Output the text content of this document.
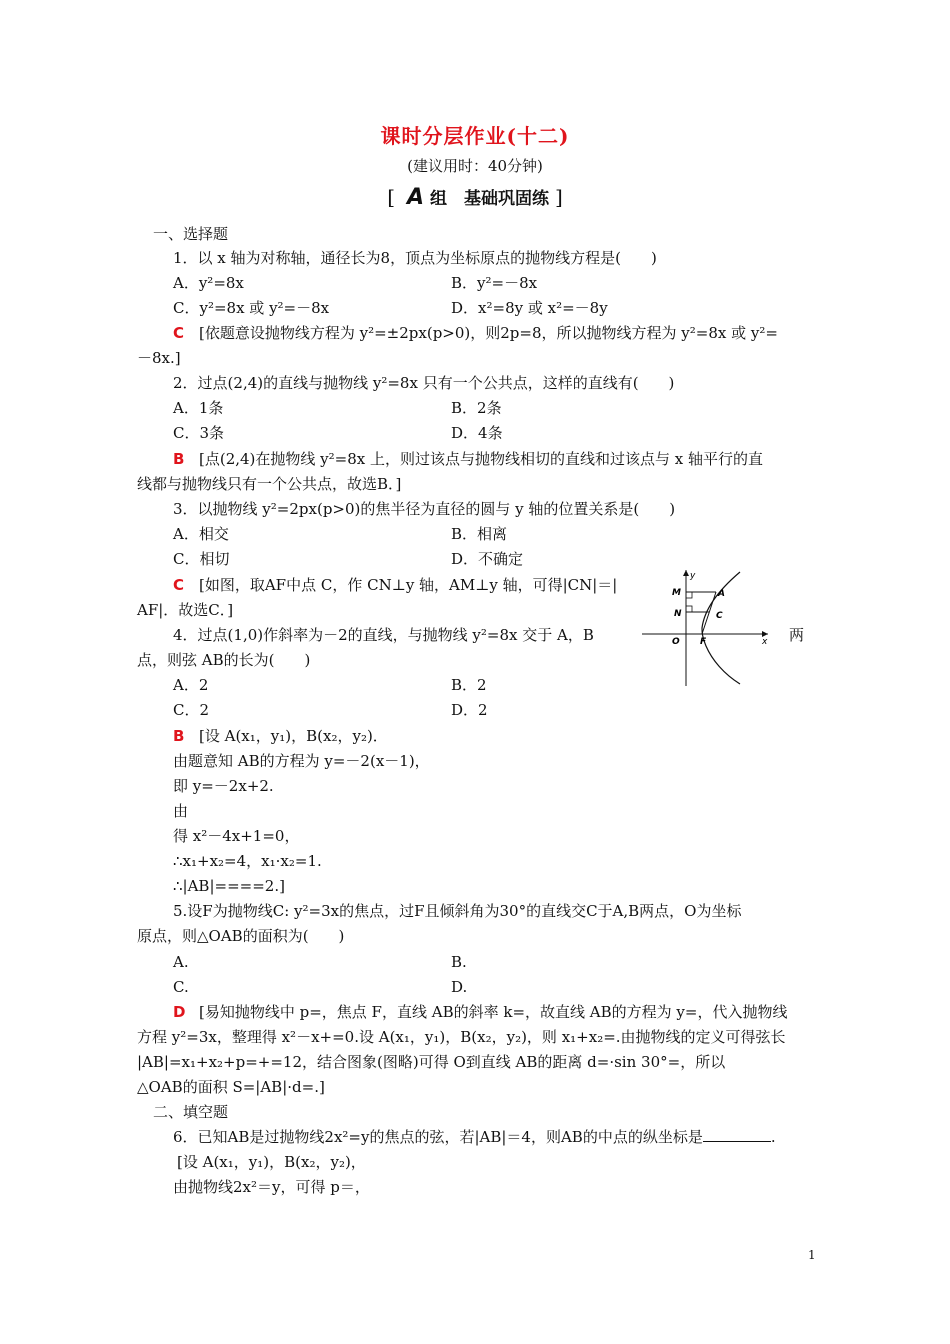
课时分层作业(十二)
(建议用时：40分钟)
[ A 组　基础巩固练 ]
一、选择题
1．以 x 轴为对称轴，通径长为8，顶点为坐标原点的抛物线方程是(　　)
A．y²=8x	B．y²=－8x
C．y²=8x 或 y²=－8x	D．x²=8y 或 x²=－8y
C [依题意设抛物线方程为 y²=±2px(p>0)，则2p=8，所以抛物线方程为 y²=8x 或 y²=
－8x.]
2．过点(2,4)的直线与抛物线 y²=8x 只有一个公共点，这样的直线有(　　)
A．1条	B．2条
C．3条	D．4条
B [点(2,4)在抛物线 y²=8x 上，则过该点与抛物线相切的直线和过该点与 x 轴平行的直
线都与抛物线只有一个公共点，故选B．]
3．以抛物线 y²=2px(p>0)的焦半径为直径的圆与 y 轴的位置关系是(　　)
A．相交	B．相离
C．相切	D．不确定
C [如图，取AF中点 C，作 CN⊥y 轴，AM⊥y 轴，可得|CN|＝|
AF|．故选C．]
y
M	A
N	C
O F	x
4．过点(1,0)作斜率为－2的直线，与抛物线 y²=8x 交于 A，B	两
点，则弦 AB的长为(　　)
A．2	B．2
C．2	D．2
B [设 A(x₁，y₁)，B(x₂，y₂)．
由题意知 AB的方程为 y=－2(x－1)，
即 y=－2x+2.
由
得 x²－4x+1=0，
∴x₁+x₂=4，x₁·x₂=1.
∴|AB|====2.]
5.设F为抛物线C: y²=3x的焦点，过F且倾斜角为30°的直线交C于A,B两点，O为坐标
原点，则△OAB的面积为(　　)
A.	B.
C.	D.
D [易知抛物线中 p=，焦点 F，直线 AB的斜率 k=，故直线 AB的方程为 y=，代入抛物线
方程 y²=3x，整理得 x²－x+=0.设 A(x₁，y₁)，B(x₂，y₂)，则 x₁+x₂=.由抛物线的定义可得弦长
|AB|=x₁+x₂+p=+=12，结合图象(图略)可得 O到直线 AB的距离 d=·sin 30°=，所以
△OAB的面积 S=|AB|·d=.]
二、填空题
6．已知AB是过抛物线2x²=y的焦点的弦，若|AB|＝4，则AB的中点的纵坐标是	.
[设 A(x₁，y₁)，B(x₂，y₂)，
由抛物线2x²＝y，可得 p＝，
1
